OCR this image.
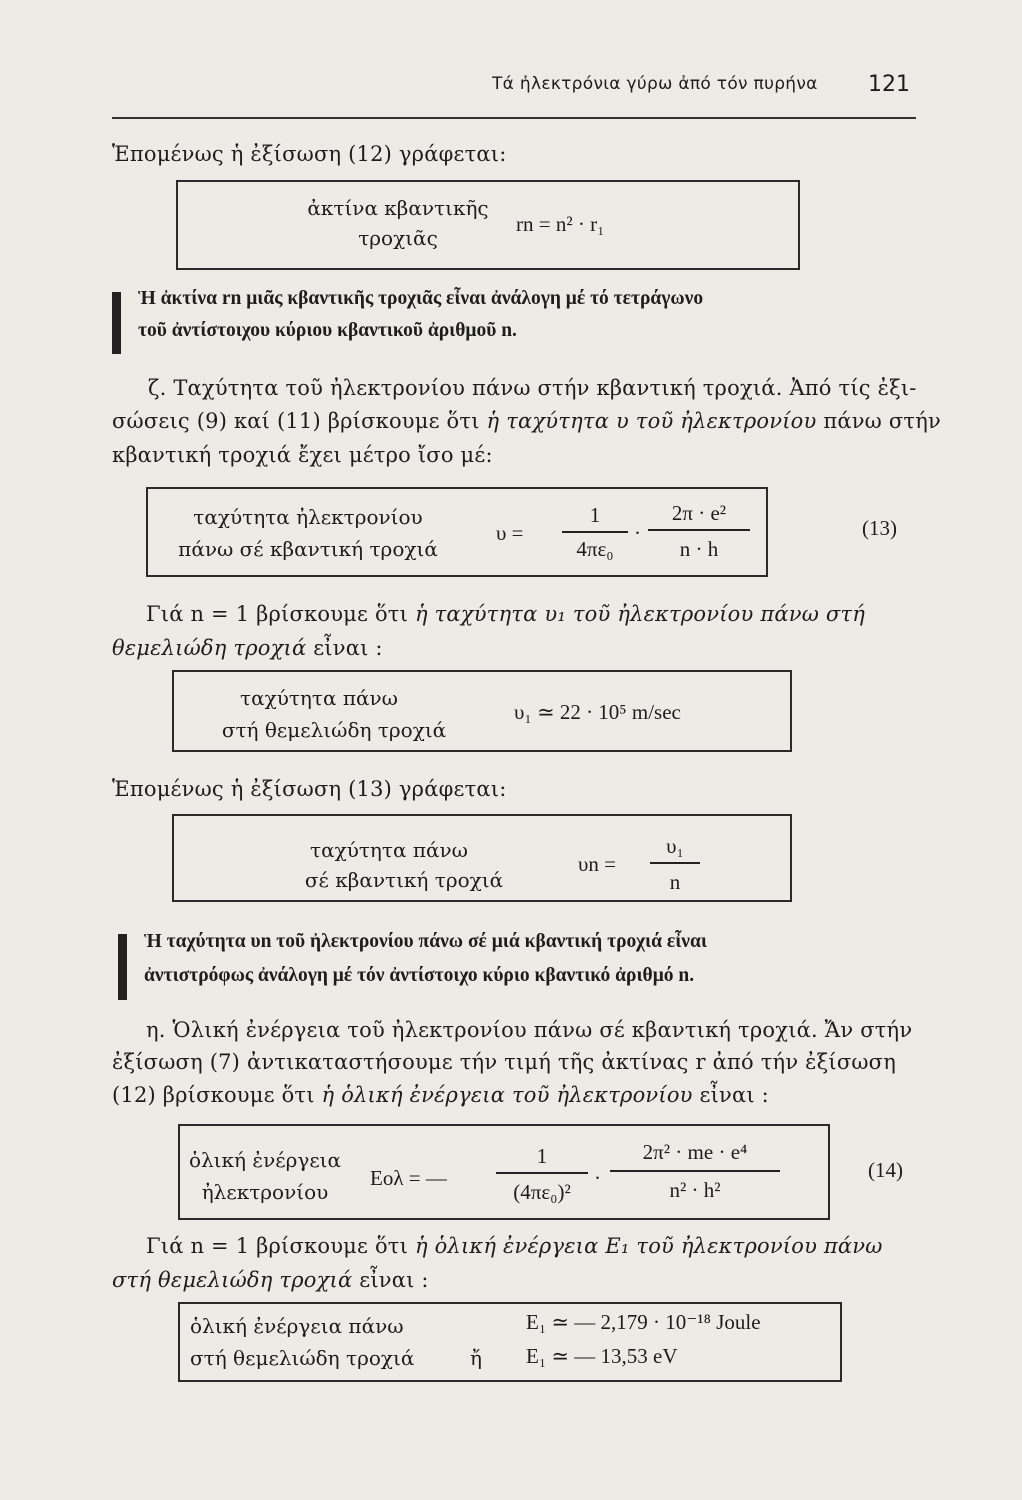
Τά ἠλεκτρόνια γύρω ἀπό τόν πυρήνα 121
Ἑπομένως ἡ ἐξίσωση (12) γράφεται:
ἀκτίνα κβαντικῆς
τροχιᾶς
rn = n² · r₁
Ἡ ἀκτίνα rn μιᾶς κβαντικῆς τροχιᾶς εἶναι ἀνάλογη μέ τό τετράγωνο
τοῦ ἀντίστοιχου κύριου κβαντικοῦ ἀριθμοῦ n.
ζ. Ταχύτητα τοῦ ἠλεκτρονίου πάνω στήν κβαντική τροχιά. Ἀπό τίς ἐξι-
σώσεις (9) καί (11) βρίσκουμε ὅτι ἡ ταχύτητα υ τοῦ ἠλεκτρονίου πάνω στήν
κβαντική τροχιά ἔχει μέτρο ἴσο μέ:
ταχύτητα ἠλεκτρονίου
πάνω σέ κβαντική τροχιά
υ =
1
4πε₀
·
2π · e²
n · h
(13)
Γιά n = 1 βρίσκουμε ὅτι ἡ ταχύτητα υ₁ τοῦ ἠλεκτρονίου πάνω στή
θεμελιώδη τροχιά εἶναι :
ταχύτητα πάνω
στή θεμελιώδη τροχιά
υ₁ ≃ 22 · 10⁵ m/sec
Ἑπομένως ἡ ἐξίσωση (13) γράφεται:
ταχύτητα πάνω
σέ κβαντική τροχιά
υn =
υ₁
n
Ἡ ταχύτητα υn τοῦ ἠλεκτρονίου πάνω σέ μιά κβαντική τροχιά εἶναι
ἀντιστρόφως ἀνάλογη μέ τόν ἀντίστοιχο κύριο κβαντικό ἀριθμό n.
η. Ὁλική ἐνέργεια τοῦ ἠλεκτρονίου πάνω σέ κβαντική τροχιά. Ἄν στήν
ἐξίσωση (7) ἀντικαταστήσουμε τήν τιμή τῆς ἀκτίνας r ἀπό τήν ἐξίσωση
(12) βρίσκουμε ὅτι ἡ ὁλική ἐνέργεια τοῦ ἠλεκτρονίου εἶναι :
ὁλική ἐνέργεια
ἠλεκτρονίου
Eολ = —
1
(4πε₀)²
·
2π² · me · e⁴
n² · h²
(14)
Γιά n = 1 βρίσκουμε ὅτι ἡ ὁλική ἐνέργεια E₁ τοῦ ἠλεκτρονίου πάνω
στή θεμελιώδη τροχιά εἶναι :
ὁλική ἐνέργεια πάνω
στή θεμελιώδη τροχιά	ἤ
E₁ ≃ — 2,179 · 10⁻¹⁸ Joule
E₁ ≃ — 13,53 eV
